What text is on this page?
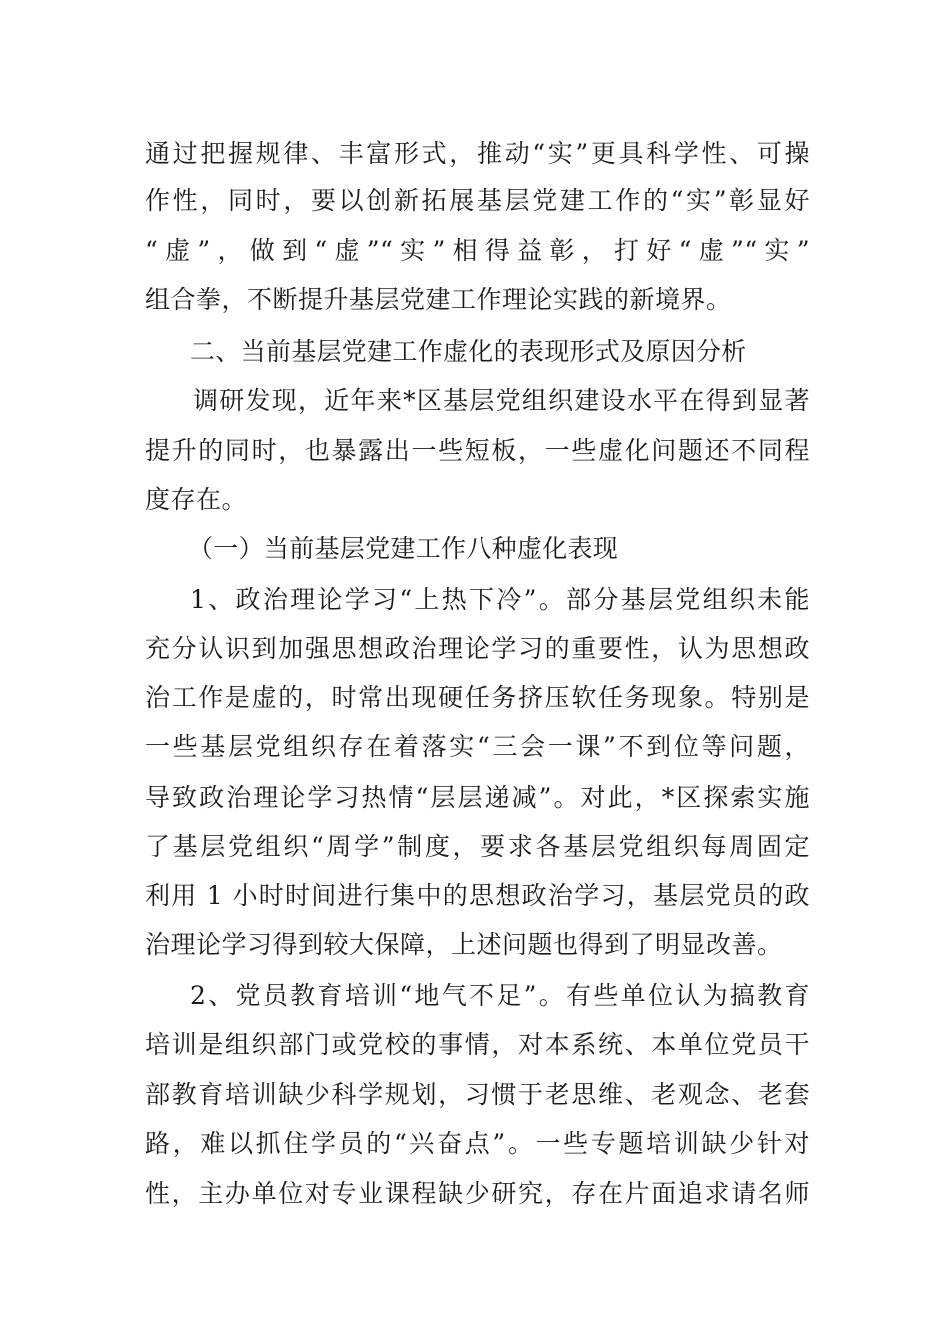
通过把握规律、丰富形式，推动“实”更具科学性、可操
作性，同时，要以创新拓展基层党建工作的“实”彰显好
“虚”，做到“虚”“实”相得益彰，打好“虚”“实”
组合拳，不断提升基层党建工作理论实践的新境界。
二、当前基层党建工作虚化的表现形式及原因分析
调研发现，近年来*区基层党组织建设水平在得到显著
提升的同时，也暴露出一些短板，一些虚化问题还不同程
度存在。
（一）当前基层党建工作八种虚化表现
1、政治理论学习“上热下冷”。部分基层党组织未能
充分认识到加强思想政治理论学习的重要性，认为思想政
治工作是虚的，时常出现硬任务挤压软任务现象。特别是
一些基层党组织存在着落实“三会一课”不到位等问题，
导致政治理论学习热情“层层递减”。对此，*区探索实施
了基层党组织“周学”制度，要求各基层党组织每周固定
利用 1 小时时间进行集中的思想政治学习，基层党员的政
治理论学习得到较大保障，上述问题也得到了明显改善。
2、党员教育培训“地气不足”。有些单位认为搞教育
培训是组织部门或党校的事情，对本系统、本单位党员干
部教育培训缺少科学规划，习惯于老思维、老观念、老套
路，难以抓住学员的“兴奋点”。一些专题培训缺少针对
性，主办单位对专业课程缺少研究，存在片面追求请名师
